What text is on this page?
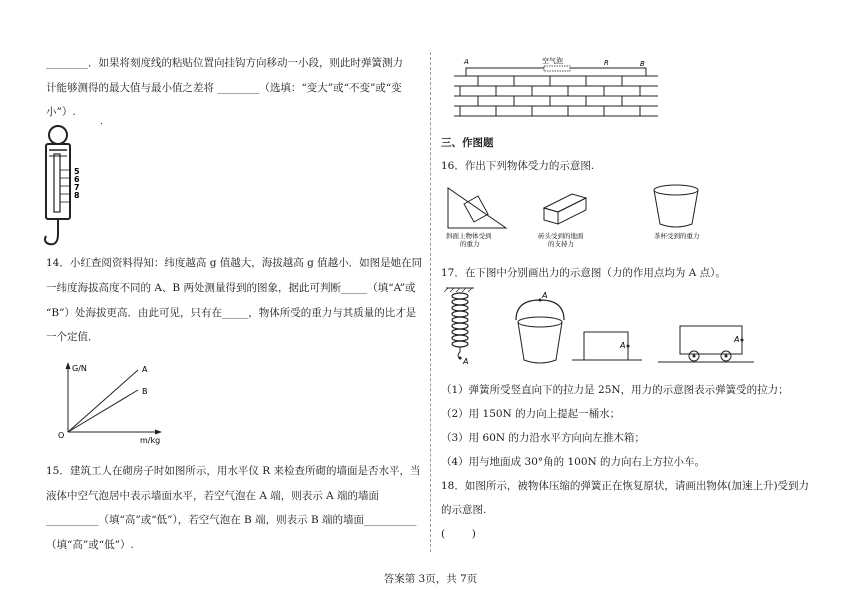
________．如果将刻度线的粘贴位置向挂钩方向移动一小段，则此时弹簧测力
计能够测得的最大值与最小值之差将 ________（选填：“变大”或“不变”或“变
小”）.
.
5
6
7
8
14．小红查阅资料得知：纬度越高 g 值越大，海拔越高 g 值越小．如图是她在同
一纬度海拔高度不同的 A、B 两处测量得到的图象，据此可判断_____（填“A”或
“B”）处海拔更高．由此可见，只有在_____，物体所受的重力与其质量的比才是
一个定值．
G/N
m/kg
O
A
B
15．建筑工人在砌房子时如图所示，用水平仪 R 来检查所砌的墙面是否水平，当
液体中空气泡居中表示墙面水平，若空气泡在 A 端，则表示 A 端的墙面
__________（填“高”或“低”），若空气泡在 B 端，则表示 B 端的墙面__________
（填“高”或“低”）.
A	空气泡	R	B
三、作图题
16．作出下列物体受力的示意图.
斜面上物体受到 的重力
砖头受到的地面 的支持力
茶杯受到的重力
17．在下图中分别画出力的示意图（力的作用点均为 A 点）。
A
A
A
A
（1）弹簧所受竖直向下的拉力是 25N，用力的示意图表示弹簧受的拉力；
（2）用 150N 的力向上提起一桶水；
（3）用 60N 的力沿水平方向向左推木箱；
（4）用与地面成 30°角的 100N 的力向右上方拉小车。
18．如图所示，被物体压缩的弹簧正在恢复原状，请画出物体(加速上升)受到力
的示意图.
(        )
答案第 3页，共 7页
